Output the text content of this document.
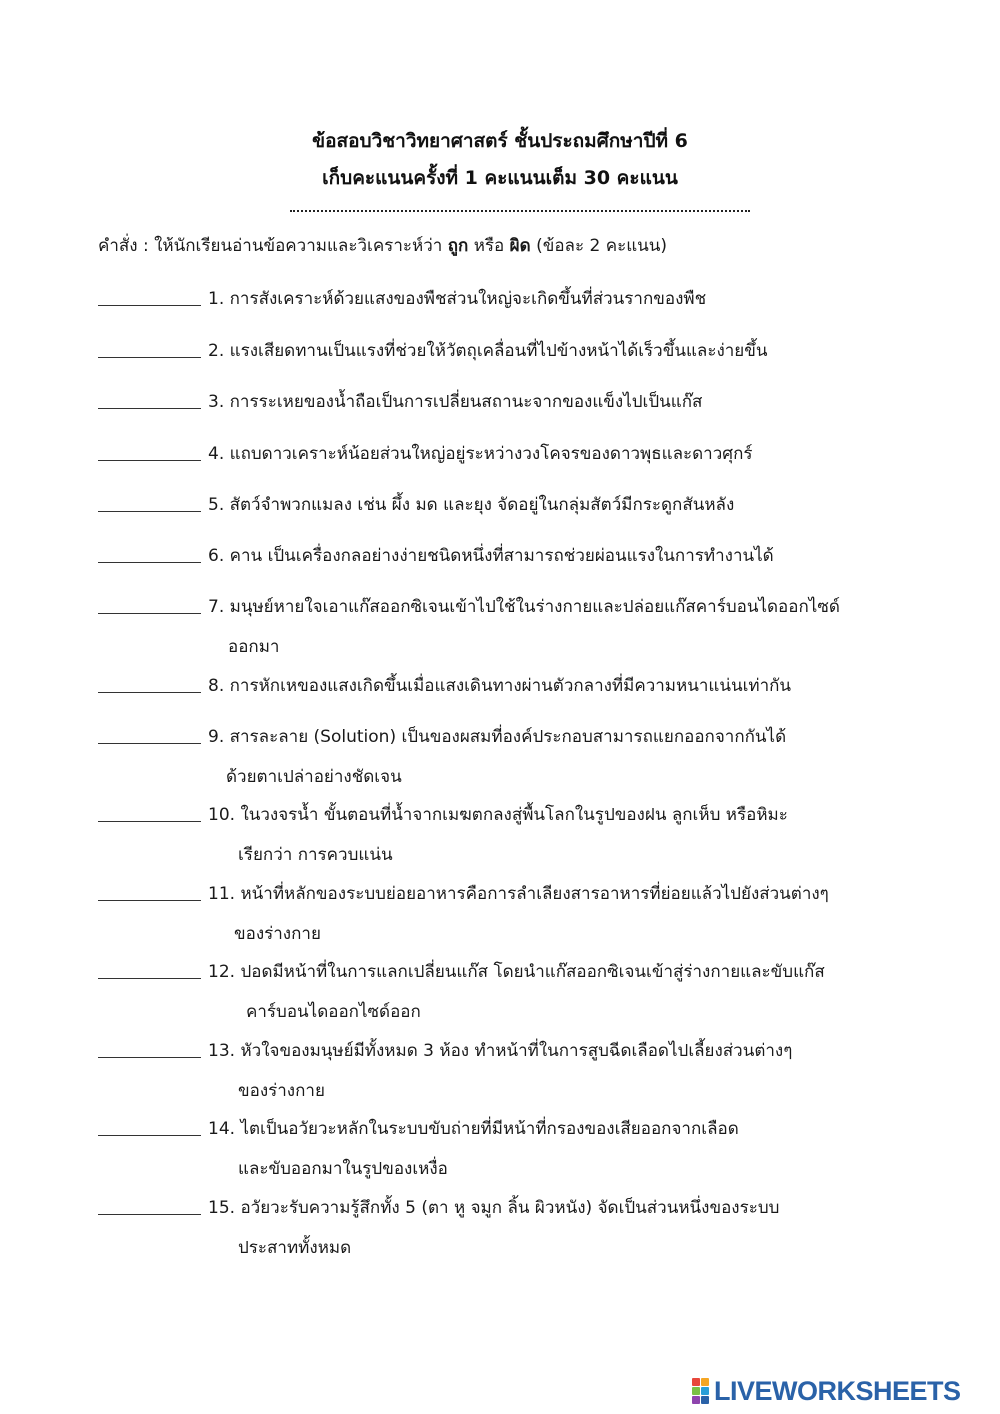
ข้อสอบวิชาวิทยาศาสตร์ ชั้นประถมศึกษาปีที่ 6
เก็บคะแนนครั้งที่ 1 คะแนนเต็ม 30 คะแนน
คำสั่ง : ให้นักเรียนอ่านข้อความและวิเคราะห์ว่า ถูก หรือ ผิด (ข้อละ 2 คะแนน)
1. การสังเคราะห์ด้วยแสงของพืชส่วนใหญ่จะเกิดขึ้นที่ส่วนรากของพืช
2. แรงเสียดทานเป็นแรงที่ช่วยให้วัตถุเคลื่อนที่ไปข้างหน้าได้เร็วขึ้นและง่ายขึ้น
3. การระเหยของน้ำถือเป็นการเปลี่ยนสถานะจากของแข็งไปเป็นแก๊ส
4. แถบดาวเคราะห์น้อยส่วนใหญ่อยู่ระหว่างวงโคจรของดาวพุธและดาวศุกร์
5. สัตว์จำพวกแมลง เช่น ผึ้ง มด และยุง จัดอยู่ในกลุ่มสัตว์มีกระดูกสันหลัง
6. คาน เป็นเครื่องกลอย่างง่ายชนิดหนึ่งที่สามารถช่วยผ่อนแรงในการทำงานได้
7. มนุษย์หายใจเอาแก๊สออกซิเจนเข้าไปใช้ในร่างกายและปล่อยแก๊สคาร์บอนไดออกไซด์
ออกมา
8. การหักเหของแสงเกิดขึ้นเมื่อแสงเดินทางผ่านตัวกลางที่มีความหนาแน่นเท่ากัน
9. สารละลาย (Solution) เป็นของผสมที่องค์ประกอบสามารถแยกออกจากกันได้
ด้วยตาเปล่าอย่างชัดเจน
10. ในวงจรน้ำ ขั้นตอนที่น้ำจากเมฆตกลงสู่พื้นโลกในรูปของฝน ลูกเห็บ หรือหิมะ
เรียกว่า การควบแน่น
11. หน้าที่หลักของระบบย่อยอาหารคือการลำเลียงสารอาหารที่ย่อยแล้วไปยังส่วนต่างๆ
ของร่างกาย
12. ปอดมีหน้าที่ในการแลกเปลี่ยนแก๊ส โดยนำแก๊สออกซิเจนเข้าสู่ร่างกายและขับแก๊ส
คาร์บอนไดออกไซด์ออก
13. หัวใจของมนุษย์มีทั้งหมด 3 ห้อง ทำหน้าที่ในการสูบฉีดเลือดไปเลี้ยงส่วนต่างๆ
ของร่างกาย
14. ไตเป็นอวัยวะหลักในระบบขับถ่ายที่มีหน้าที่กรองของเสียออกจากเลือด
และขับออกมาในรูปของเหงื่อ
15. อวัยวะรับความรู้สึกทั้ง 5 (ตา หู จมูก ลิ้น ผิวหนัง) จัดเป็นส่วนหนึ่งของระบบ
ประสาททั้งหมด
LIVEWORKSHEETS
